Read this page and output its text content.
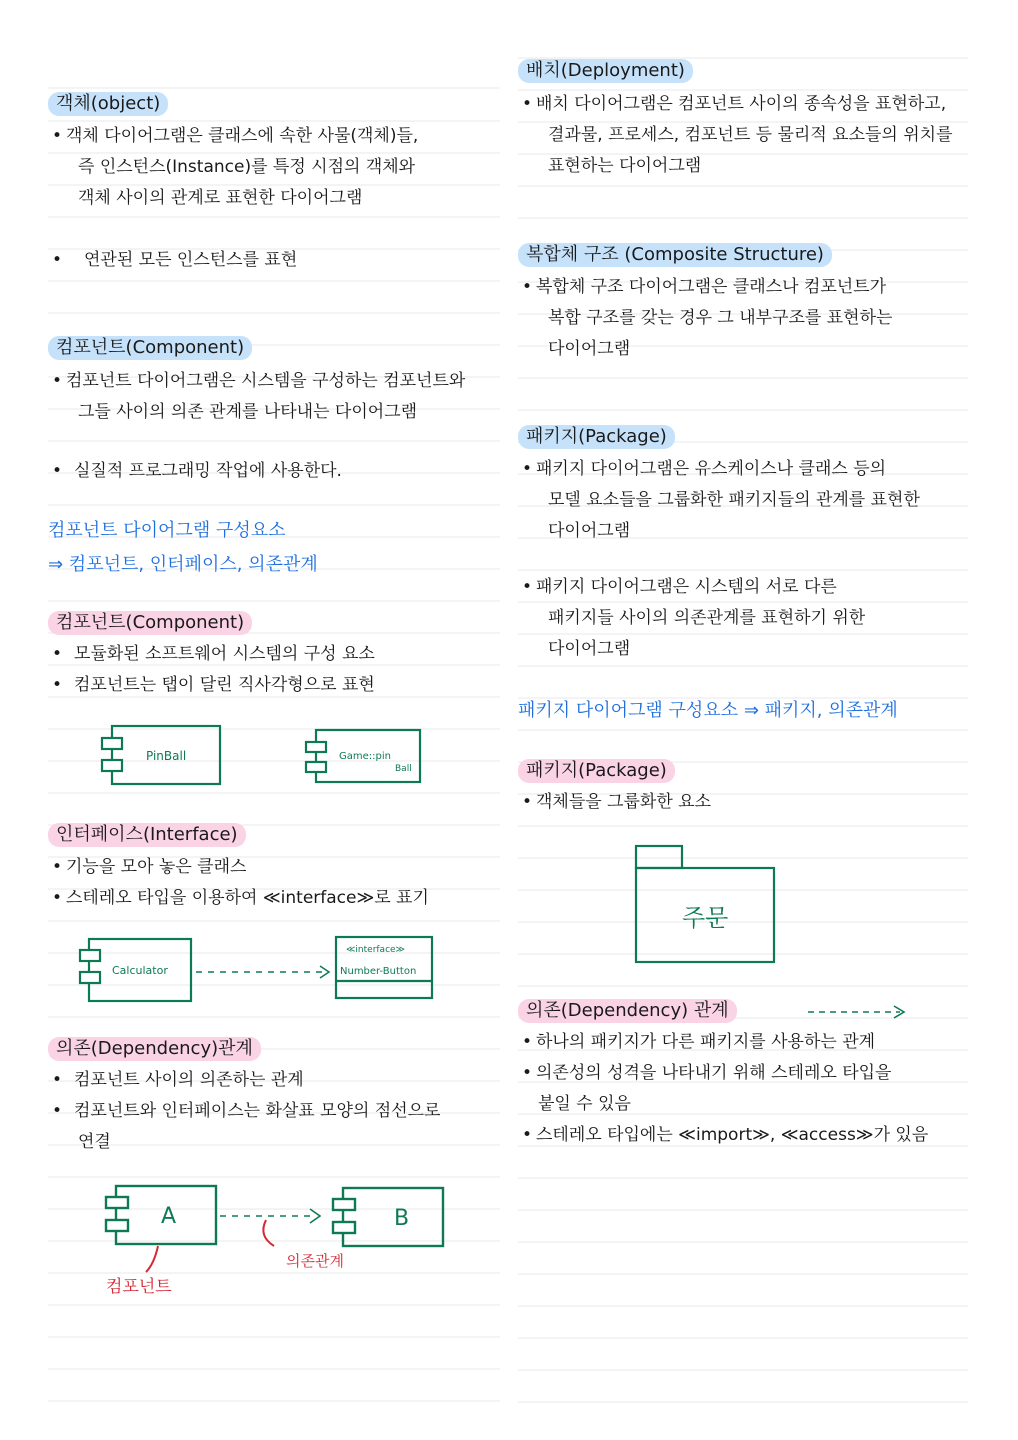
객체(object)
• 객체 다이어그램은 클래스에 속한 사물(객체)들,
즉 인스턴스(Instance)를 특정 시점의 객체와
객체 사이의 관계로 표현한 다이어그램
• 연관된 모든 인스턴스를 표현
컴포넌트(Component)
• 컴포넌트 다이어그램은 시스템을 구성하는 컴포넌트와
그들 사이의 의존 관계를 나타내는 다이어그램
• 실질적 프로그래밍 작업에 사용한다.
컴포넌트 다이어그램 구성요소
⇒ 컴포넌트, 인터페이스, 의존관계
컴포넌트(Component)
• 모듈화된 소프트웨어 시스템의 구성 요소
• 컴포넌트는 탭이 달린 직사각형으로 표현
PinBall	Game::pin
Ball
인터페이스(Interface)
• 기능을 모아 놓은 클래스
• 스테레오 타입을 이용하여 ≪interface≫로 표기
Calculator
≪interface≫
Number-Button
의존(Dependency)관계
• 컴포넌트 사이의 의존하는 관계
• 컴포넌트와 인터페이스는 화살표 모양의 점선으로
연결
A	B
컴포넌트
의존관계
배치(Deployment)
• 배치 다이어그램은 컴포넌트 사이의 종속성을 표현하고,
결과물, 프로세스, 컴포넌트 등 물리적 요소들의 위치를
표현하는 다이어그램
복합체 구조 (Composite Structure)
• 복합체 구조 다이어그램은 클래스나 컴포넌트가
복합 구조를 갖는 경우 그 내부구조를 표현하는
다이어그램
패키지(Package)
• 패키지 다이어그램은 유스케이스나 클래스 등의
모델 요소들을 그룹화한 패키지들의 관계를 표현한
다이어그램
• 패키지 다이어그램은 시스템의 서로 다른
패키지들 사이의 의존관계를 표현하기 위한
다이어그램
패키지 다이어그램 구성요소 ⇒ 패키지, 의존관계
패키지(Package)
• 객체들을 그룹화한 요소
주문
의존(Dependency) 관계
• 하나의 패키지가 다른 패키지를 사용하는 관계
• 의존성의 성격을 나타내기 위해 스테레오 타입을
붙일 수 있음
• 스테레오 타입에는 ≪import≫, ≪access≫가 있음
